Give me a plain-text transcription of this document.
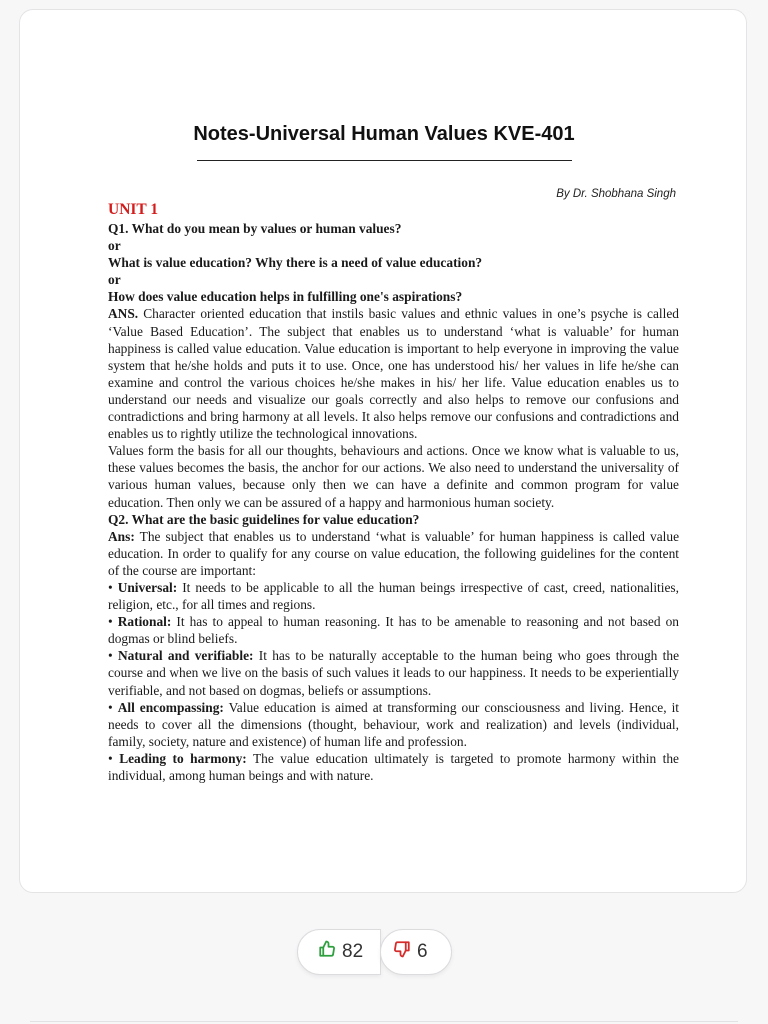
Notes-Universal Human Values KVE-401
By Dr. Shobhana Singh

UNIT 1

Q1. What do you mean by values or human values?

or

What is value education? Why there is a need of value education?

or

How does value education helps in fulfilling one's aspirations?

ANS. Character oriented education that instils basic values and ethnic values in one’s psyche is called ‘Value Based Education’. The subject that enables us to understand ‘what is valuable’ for human happiness is called value education. Value education is important to help everyone in improving the value system that he/she holds and puts it to use. Once, one has understood his/ her values in life he/she can examine and control the various choices he/she makes in his/ her life. Value education enables us to understand our needs and visualize our goals correctly and also helps to remove our confusions and contradictions and bring harmony at all levels. It also helps remove our confusions and contradictions and enables us to rightly utilize the technological innovations.

Values form the basis for all our thoughts, behaviours and actions. Once we know what is valuable to us, these values becomes the basis, the anchor for our actions. We also need to understand the universality of various human values, because only then we can have a definite and common program for value education. Then only we can be assured of a happy and harmonious human society.

Q2. What are the basic guidelines for value education?

Ans: The subject that enables us to understand ‘what is valuable’ for human happiness is called value education. In order to qualify for any course on value education, the following guidelines for the content of the course are important:

• Universal: It needs to be applicable to all the human beings irrespective of cast, creed, nationalities, religion, etc., for all times and regions.

• Rational: It has to appeal to human reasoning. It has to be amenable to reasoning and not based on dogmas or blind beliefs.

• Natural and verifiable: It has to be naturally acceptable to the human being who goes through the course and when we live on the basis of such values it leads to our happiness. It needs to be experientially verifiable, and not based on dogmas, beliefs or assumptions.

• All encompassing: Value education is aimed at transforming our consciousness and living. Hence, it needs to cover all the dimensions (thought, behaviour, work and realization) and levels (individual, family, society, nature and existence) of human life and profession.

• Leading to harmony: The value education ultimately is targeted to promote harmony within the individual, among human beings and with nature.

82	6
